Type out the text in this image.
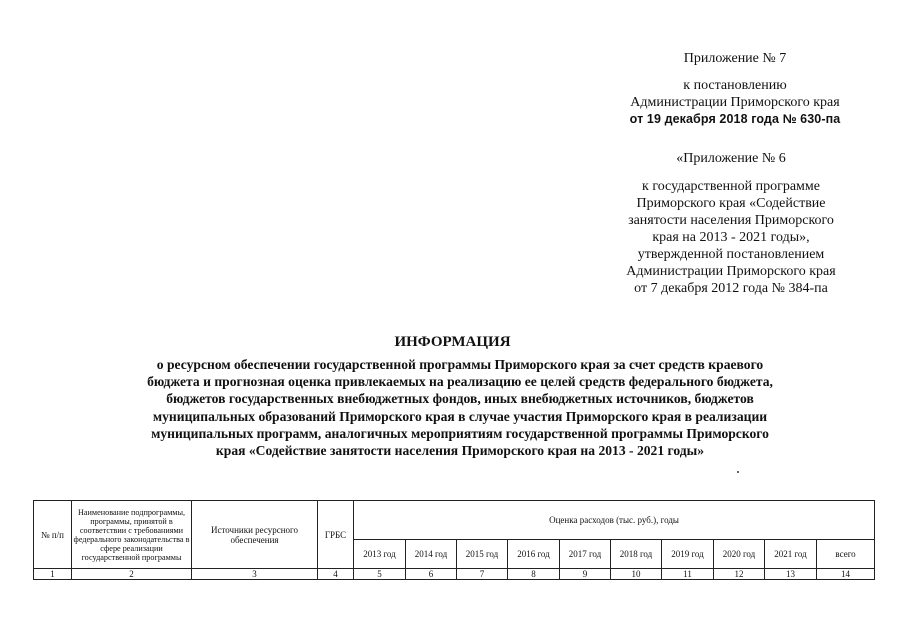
Приложение № 7
к постановлению
Администрации Приморского края
от 19 декабря 2018 года № 630-па
«Приложение № 6
к государственной программе
Приморского края «Содействие
занятости населения Приморского
края на 2013 - 2021 годы»,
утвержденной постановлением
Администрации Приморского края
от 7 декабря 2012 года № 384-па
ИНФОРМАЦИЯ
о ресурсном обеспечении государственной программы Приморского края за счет средств краевого
бюджета и прогнозная оценка привлекаемых на реализацию ее целей средств федерального бюджета,
бюджетов государственных внебюджетных фондов, иных внебюджетных источников, бюджетов
муниципальных образований Приморского края в случае участия Приморского края в реализации
муниципальных программ, аналогичных мероприятиям государственной программы Приморского
края «Содействие занятости населения Приморского края на 2013 - 2021 годы»
№ п/п	Наименование подпрограммы, программы, принятой в соответствии с требованиями федерального законодательства в сфере реализации государственной программы	Источники ресурсного обеспечения	ГРБС	Оценка расходов (тыс. руб.), годы									
				2013 год	2014 год	2015 год	2016 год	2017 год	2018 год	2019 год	2020 год	2021 год	всего
1	2	3	4	5	6	7	8	9	10	11	12	13	14
